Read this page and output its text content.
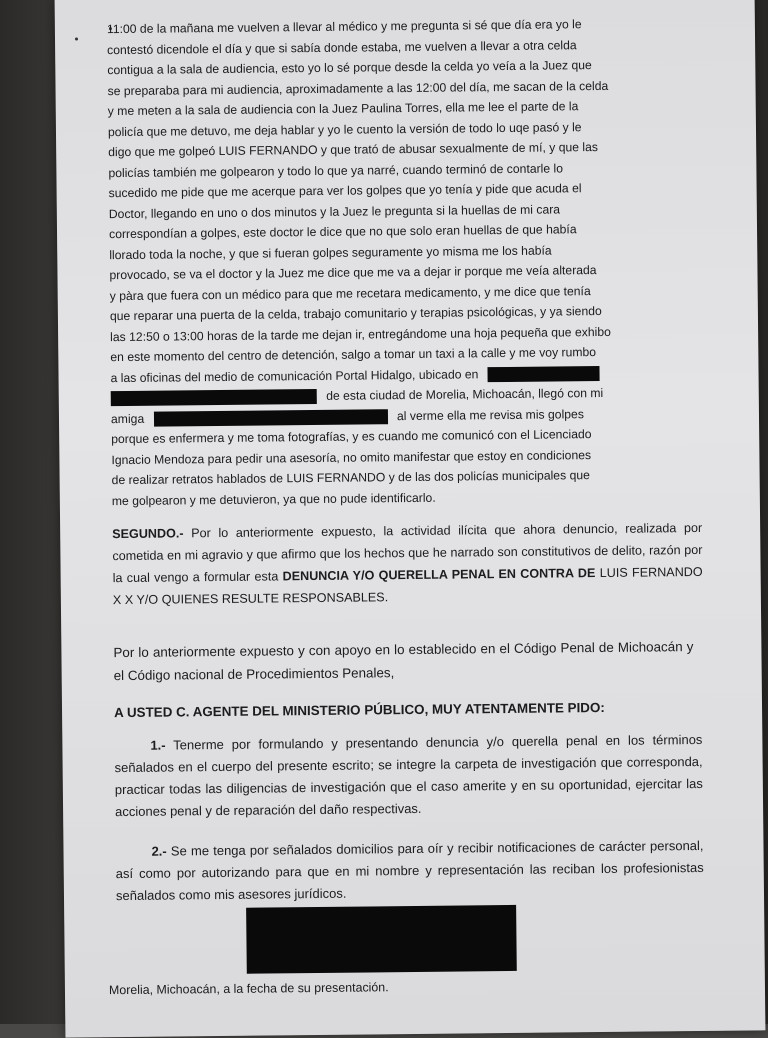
11:00 de la mañana me vuelven a llevar al médico y me pregunta si sé que día era yo le
contestó dicendole el día y que si sabía donde estaba, me vuelven a llevar a otra celda
contigua a la sala de audiencia, esto yo lo sé porque desde la celda yo veía a la Juez que
se preparaba para mi audiencia, aproximadamente a las 12:00 del día, me sacan de la celda
y me meten a la sala de audiencia con la Juez Paulina Torres, ella me lee el parte de la
policía que me detuvo, me deja hablar y yo le cuento la versión de todo lo uqe pasó y le
digo que me golpeó LUIS FERNANDO y que trató de abusar sexualmente de mí, y que las
policías también me golpearon y todo lo que ya narré, cuando terminó de contarle lo
sucedido me pide que me acerque para ver los golpes que yo tenía y pide que acuda el
Doctor, llegando en uno o dos minutos y la Juez le pregunta si la huellas de mi cara
correspondían a golpes, este doctor le dice que no que solo eran huellas de que había
llorado toda la noche, y que si fueran golpes seguramente yo misma me los había
provocado, se va el doctor y la Juez me dice que me va a dejar ir porque me veía alterada
y pàra que fuera con un médico para que me recetara medicamento, y me dice que tenía
que reparar una puerta de la celda, trabajo comunitario y terapias psicológicas, y ya siendo
las 12:50 o 13:00 horas de la tarde me dejan ir, entregándome una hoja pequeña que exhibo
en este momento del centro de detención, salgo a tomar un taxi a la calle y me voy rumbo
a las oficinas del medio de comunicación Portal Hidalgo, ubicado en
de esta ciudad de Morelia, Michoacán, llegó con mi
amiga	al verme ella me revisa mis golpes
porque es enfermera y me toma fotografías, y es cuando me comunicó con el Licenciado
Ignacio Mendoza para pedir una asesoría, no omito manifestar que estoy en condiciones
de realizar retratos hablados de LUIS FERNANDO y de las dos policías municipales que
me golpearon y me detuvieron, ya que no pude identificarlo.
SEGUNDO.- Por lo anteriormente expuesto, la actividad ilícita que ahora denuncio, realizada por cometida en mi agravio y que afirmo que los hechos que he narrado son constitutivos de delito, razón por la cual vengo a formular esta DENUNCIA Y/O QUERELLA PENAL EN CONTRA DE LUIS FERNANDO X X Y/O QUIENES RESULTE RESPONSABLES.
Por lo anteriormente expuesto y con apoyo en lo establecido en el Código Penal de Michoacán y el Código nacional de Procedimientos Penales,
A USTED C. AGENTE DEL MINISTERIO PÚBLICO, MUY ATENTAMENTE PIDO:
1.- Tenerme por formulando y presentando denuncia y/o querella penal en los términos señalados en el cuerpo del presente escrito; se integre la carpeta de investigación que corresponda, practicar todas las diligencias de investigación que el caso amerite y en su oportunidad, ejercitar las acciones penal y de reparación del daño respectivas.
2.- Se me tenga por señalados domicilios para oír y recibir notificaciones de carácter personal, así como por autorizando para que en mi nombre y representación las reciban los profesionistas señalados como mis asesores jurídicos.
Morelia, Michoacán, a la fecha de su presentación.
